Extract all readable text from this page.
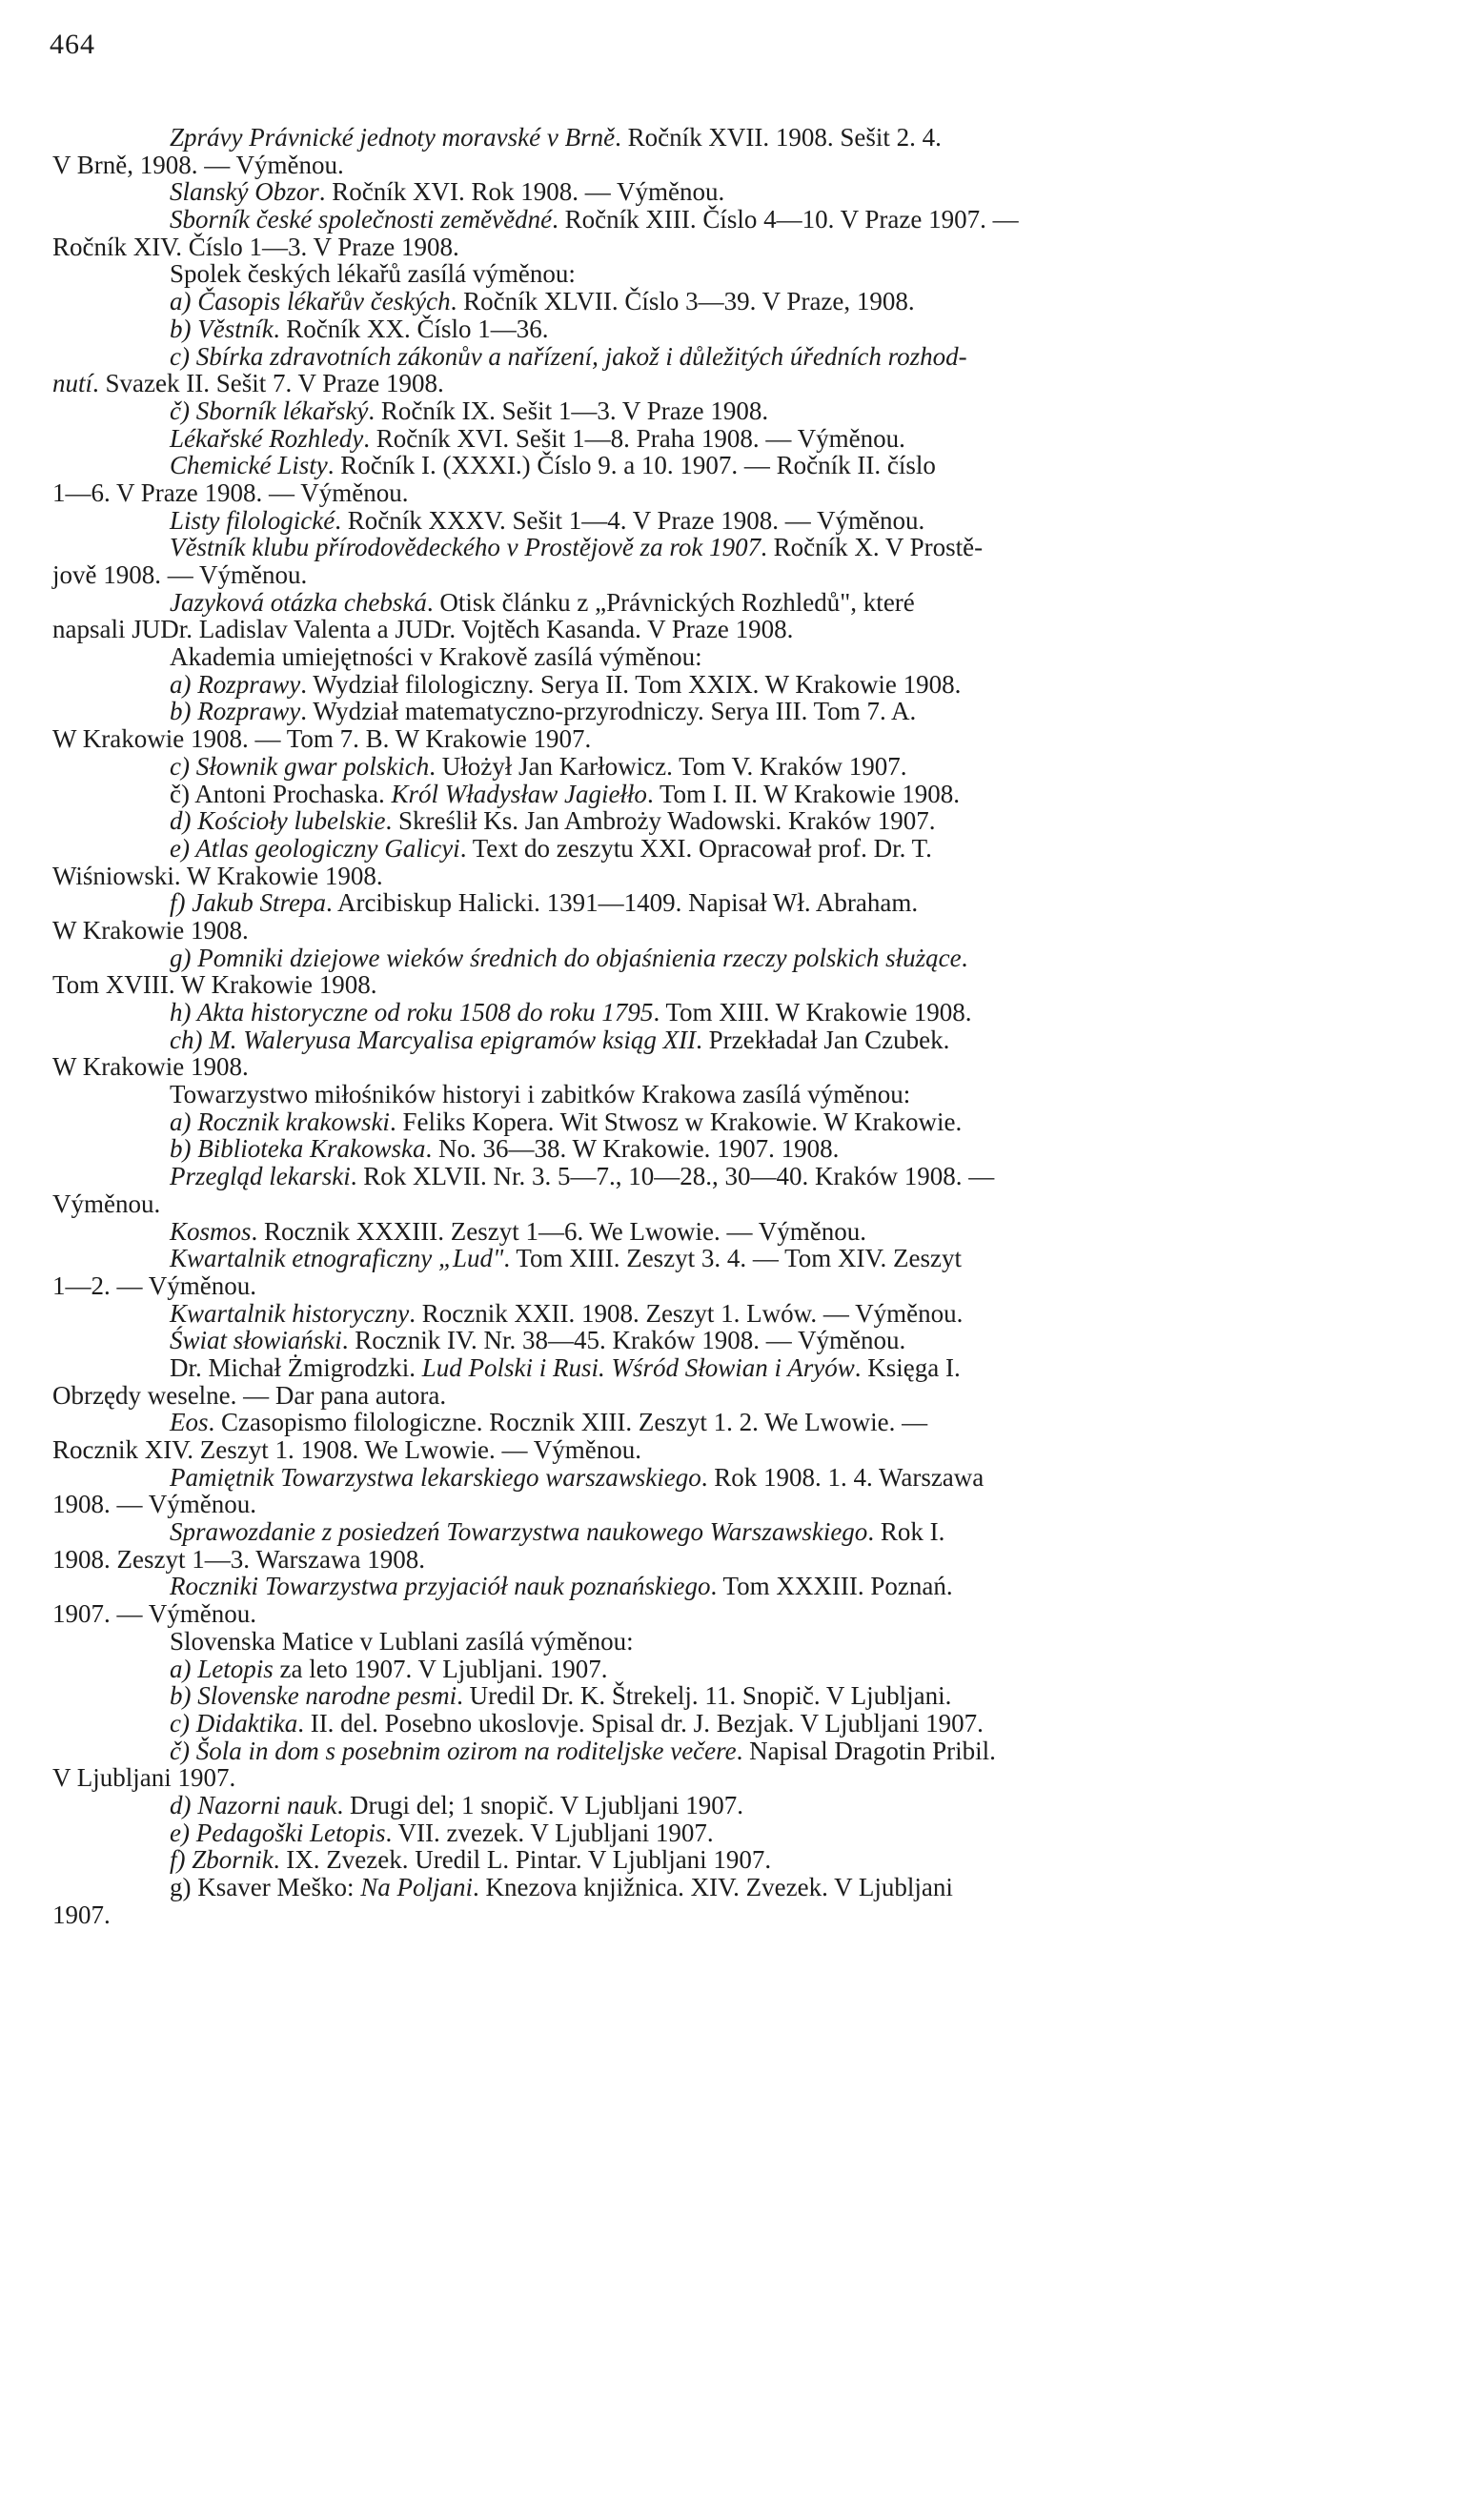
464
Zprávy Právnické jednoty moravské v Brně. Ročník XVII. 1908. Sešit 2. 4.
V Brně, 1908. — Výměnou.
Slanský Obzor. Ročník XVI. Rok 1908. — Výměnou.
Sborník české společnosti zeměvědné. Ročník XIII. Číslo 4—10. V Praze 1907. —
Ročník XIV. Číslo 1—3. V Praze 1908.
Spolek českých lékařů zasílá výměnou:
a) Časopis lékařův českých. Ročník XLVII. Číslo 3—39. V Praze, 1908.
b) Věstník. Ročník XX. Číslo 1—36.
c) Sbírka zdravotních zákonův a nařízení, jakož i důležitých úředních rozhod-
nutí. Svazek II. Sešit 7. V Praze 1908.
č) Sborník lékařský. Ročník IX. Sešit 1—3. V Praze 1908.
Lékařské Rozhledy. Ročník XVI. Sešit 1—8. Praha 1908. — Výměnou.
Chemické Listy. Ročník I. (XXXI.) Číslo 9. a 10. 1907. — Ročník II. číslo
1—6. V Praze 1908. — Výměnou.
Listy filologické. Ročník XXXV. Sešit 1—4. V Praze 1908. — Výměnou.
Věstník klubu přírodovědeckého v Prostějově za rok 1907. Ročník X. V Prostě-
jově 1908. — Výměnou.
Jazyková otázka chebská. Otisk článku z „Právnických Rozhledů", které
napsali JUDr. Ladislav Valenta a JUDr. Vojtěch Kasanda. V Praze 1908.
Akademia umiejętności v Krakově zasílá výměnou:
a) Rozprawy. Wydział filologiczny. Serya II. Tom XXIX. W Krakowie 1908.
b) Rozprawy. Wydział matematyczno-przyrodniczy. Serya III. Tom 7. A.
W Krakowie 1908. — Tom 7. B. W Krakowie 1907.
c) Słownik gwar polskich. Ułożył Jan Karłowicz. Tom V. Kraków 1907.
č) Antoni Prochaska. Król Władysław Jagiełło. Tom I. II. W Krakowie 1908.
d) Kościoły lubelskie. Skreślił Ks. Jan Ambroży Wadowski. Kraków 1907.
e) Atlas geologiczny Galicyi. Text do zeszytu XXI. Opracował prof. Dr. T.
Wiśniowski. W Krakowie 1908.
f) Jakub Strepa. Arcibiskup Halicki. 1391—1409. Napisał Wł. Abraham.
W Krakowie 1908.
g) Pomniki dziejowe wieków średnich do objaśnienia rzeczy polskich służące.
Tom XVIII. W Krakowie 1908.
h) Akta historyczne od roku 1508 do roku 1795. Tom XIII. W Krakowie 1908.
ch) M. Waleryusa Marcyalisa epigramów ksiąg XII. Przekładał Jan Czubek.
W Krakowie 1908.
Towarzystwo miłośników historyi i zabitków Krakowa zasílá výměnou:
a) Rocznik krakowski. Feliks Kopera. Wit Stwosz w Krakowie. W Krakowie.
b) Biblioteka Krakowska. No. 36—38. W Krakowie. 1907. 1908.
Przegląd lekarski. Rok XLVII. Nr. 3. 5—7., 10—28., 30—40. Kraków 1908. —
Výměnou.
Kosmos. Rocznik XXXIII. Zeszyt 1—6. We Lwowie. — Výměnou.
Kwartalnik etnograficzny „Lud". Tom XIII. Zeszyt 3. 4. — Tom XIV. Zeszyt
1—2. — Výměnou.
Kwartalnik historyczny. Rocznik XXII. 1908. Zeszyt 1. Lwów. — Výměnou.
Świat słowiański. Rocznik IV. Nr. 38—45. Kraków 1908. — Výměnou.
Dr. Michał Żmigrodzki. Lud Polski i Rusi. Wśród Słowian i Aryów. Księga I.
Obrzędy weselne. — Dar pana autora.
Eos. Czasopismo filologiczne. Rocznik XIII. Zeszyt 1. 2. We Lwowie. —
Rocznik XIV. Zeszyt 1. 1908. We Lwowie. — Výměnou.
Pamiętnik Towarzystwa lekarskiego warszawskiego. Rok 1908. 1. 4. Warszawa
1908. — Výměnou.
Sprawozdanie z posiedzeń Towarzystwa naukowego Warszawskiego. Rok I.
1908. Zeszyt 1—3. Warszawa 1908.
Roczniki Towarzystwa przyjaciół nauk poznańskiego. Tom XXXIII. Poznań.
1907. — Výměnou.
Slovenska Matice v Lublani zasílá výměnou:
a) Letopis za leto 1907. V Ljubljani. 1907.
b) Slovenske narodne pesmi. Uredil Dr. K. Štrekelj. 11. Snopič. V Ljubljani.
c) Didaktika. II. del. Posebno ukoslovje. Spisal dr. J. Bezjak. V Ljubljani 1907.
č) Šola in dom s posebnim ozirom na roditeljske večere. Napisal Dragotin Pribil.
V Ljubljani 1907.
d) Nazorni nauk. Drugi del; 1 snopič. V Ljubljani 1907.
e) Pedagoški Letopis. VII. zvezek. V Ljubljani 1907.
f) Zbornik. IX. Zvezek. Uredil L. Pintar. V Ljubljani 1907.
g) Ksaver Meško: Na Poljani. Knezova knjižnica. XIV. Zvezek. V Ljubljani
1907.
